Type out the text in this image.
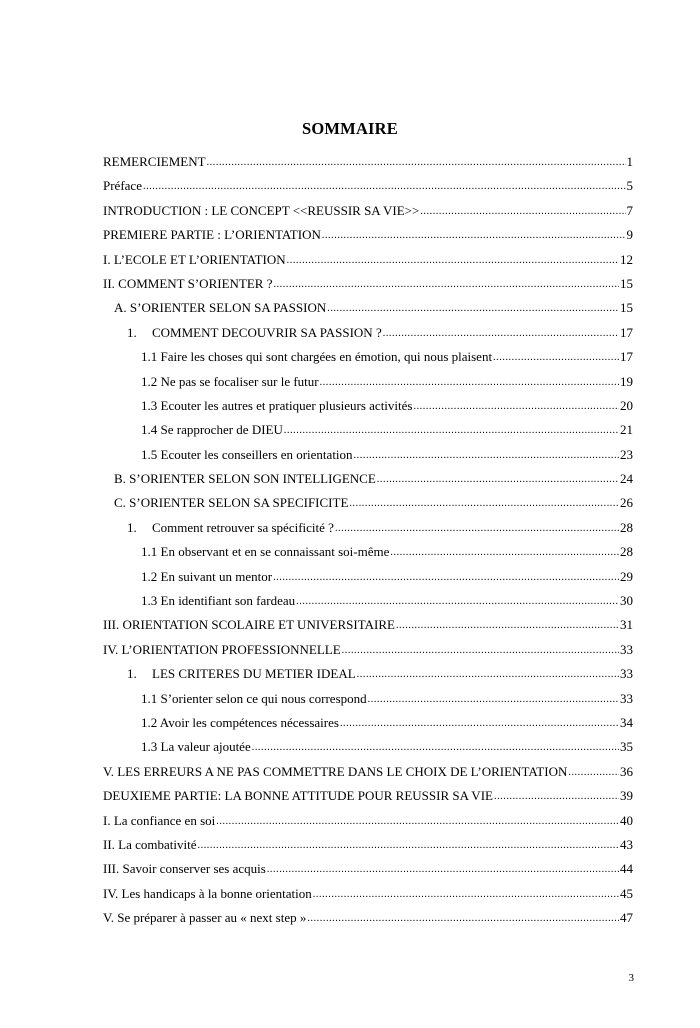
SOMMAIRE
REMERCIEMENT .....	1
Préface .....	5
INTRODUCTION : LE CONCEPT <<REUSSIR SA VIE>> .....	7
PREMIERE PARTIE : L’ORIENTATION .....	9
I. L’ECOLE ET L’ORIENTATION .....	12
II. COMMENT S’ORIENTER ? .....	15
A. S’ORIENTER SELON SA PASSION .....	15
1. COMMENT DECOUVRIR SA PASSION ? .....	17
1.1 Faire les choses qui sont chargées en émotion, qui nous plaisent .....	17
1.2 Ne pas se focaliser sur le futur .....	19
1.3 Ecouter les autres et pratiquer plusieurs activités .....	20
1.4 Se rapprocher de DIEU .....	21
1.5 Ecouter les conseillers en orientation .....	23
B. S’ORIENTER SELON SON INTELLIGENCE .....	24
C. S’ORIENTER SELON SA SPECIFICITE .....	26
1. Comment retrouver sa spécificité ? .....	28
1.1 En observant et en se connaissant soi-même .....	28
1.2 En suivant un mentor .....	29
1.3 En identifiant son fardeau .....	30
III. ORIENTATION SCOLAIRE ET UNIVERSITAIRE .....	31
IV. L’ORIENTATION PROFESSIONNELLE .....	33
1. LES CRITERES DU METIER IDEAL .....	33
1.1 S’orienter selon ce qui nous correspond .....	33
1.2 Avoir les compétences nécessaires .....	34
1.3 La valeur ajoutée .....	35
V. LES ERREURS A NE PAS COMMETTRE DANS LE CHOIX DE L’ORIENTATION .....	36
DEUXIEME PARTIE: LA BONNE ATTITUDE POUR REUSSIR SA VIE .....	39
I. La confiance en soi .....	40
II. La combativité .....	43
III. Savoir conserver ses acquis .....	44
IV. Les handicaps à la bonne orientation .....	45
V. Se préparer à passer au « next step » .....	47
3
